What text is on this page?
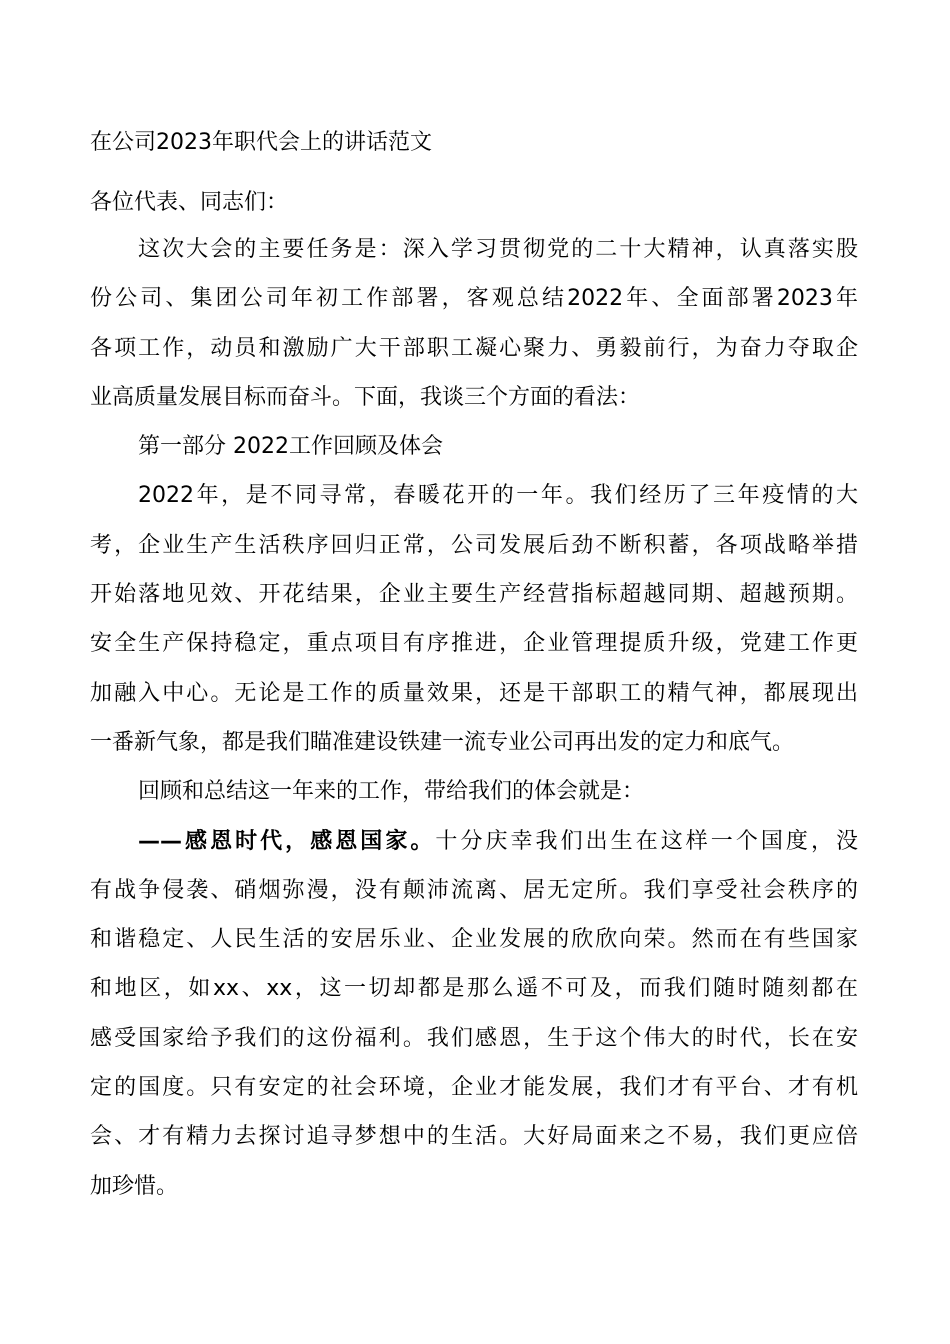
在公司2023年职代会上的讲话范文
各位代表、同志们：
这次大会的主要任务是：深入学习贯彻党的二十大精神，认真落实股
份公司、集团公司年初工作部署，客观总结2022年、全面部署2023年
各项工作，动员和激励广大干部职工凝心聚力、勇毅前行，为奋力夺取企
业高质量发展目标而奋斗。下面，我谈三个方面的看法：
第一部分 2022工作回顾及体会
2022年，是不同寻常，春暖花开的一年。我们经历了三年疫情的大
考，企业生产生活秩序回归正常，公司发展后劲不断积蓄，各项战略举措
开始落地见效、开花结果，企业主要生产经营指标超越同期、超越预期。
安全生产保持稳定，重点项目有序推进，企业管理提质升级，党建工作更
加融入中心。无论是工作的质量效果，还是干部职工的精气神，都展现出
一番新气象，都是我们瞄准建设铁建一流专业公司再出发的定力和底气。
回顾和总结这一年来的工作，带给我们的体会就是：
——感恩时代，感恩国家。十分庆幸我们出生在这样一个国度，没
有战争侵袭、硝烟弥漫，没有颠沛流离、居无定所。我们享受社会秩序的
和谐稳定、人民生活的安居乐业、企业发展的欣欣向荣。然而在有些国家
和地区，如xx、xx，这一切却都是那么遥不可及，而我们随时随刻都在
感受国家给予我们的这份福利。我们感恩，生于这个伟大的时代，长在安
定的国度。只有安定的社会环境，企业才能发展，我们才有平台、才有机
会、才有精力去探讨追寻梦想中的生活。大好局面来之不易，我们更应倍
加珍惜。
